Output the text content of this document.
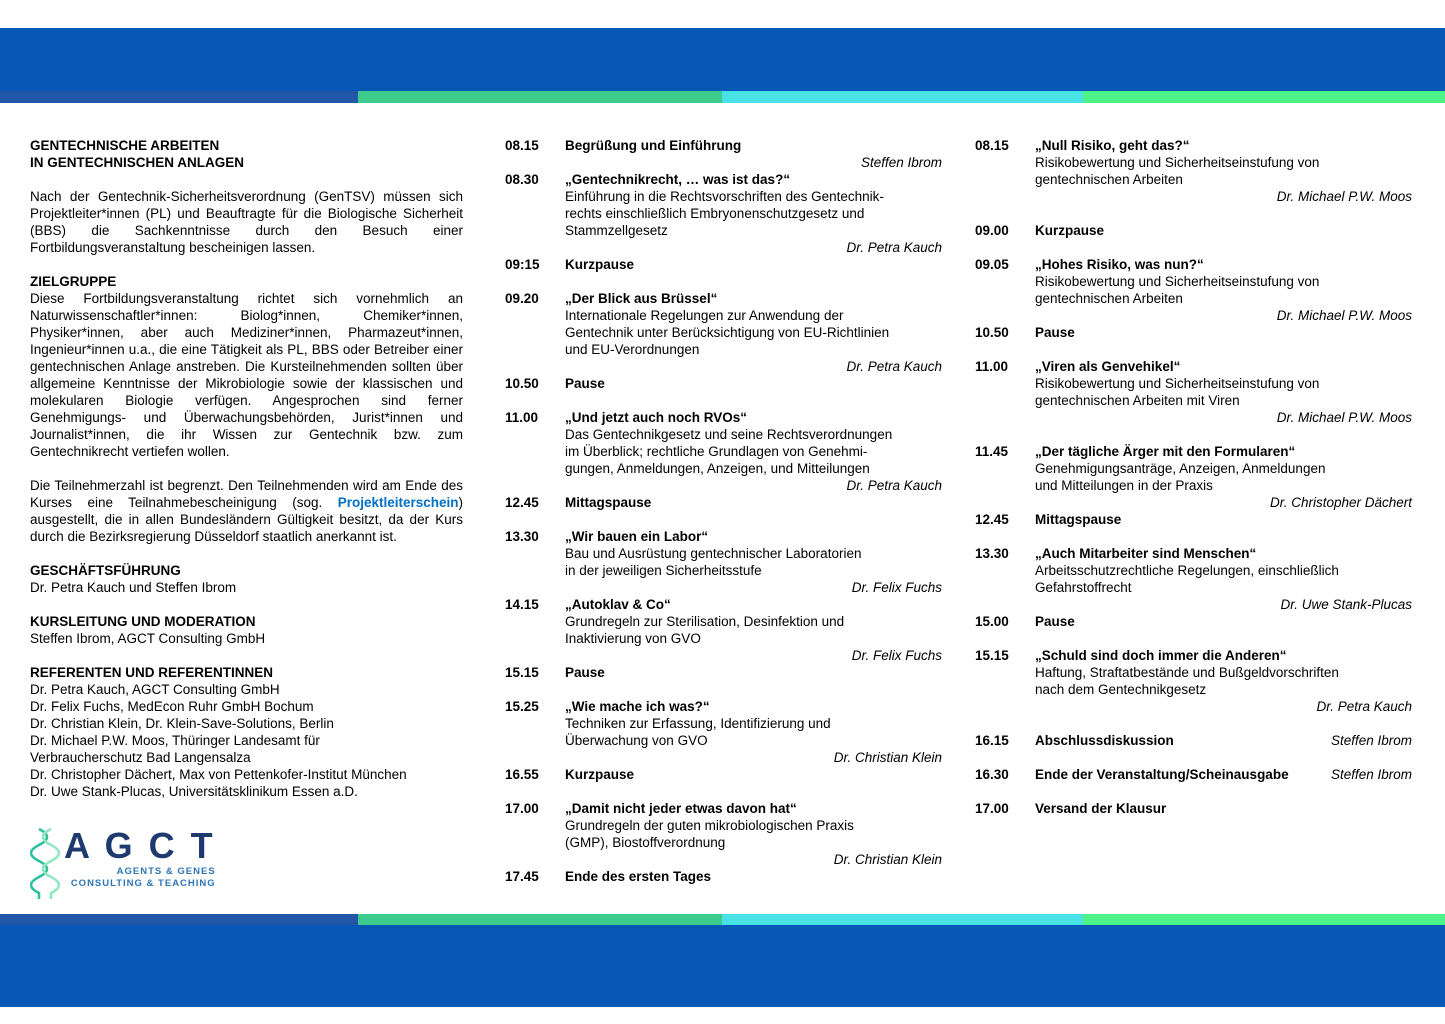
GENTECHNISCHE ARBEITEN
IN GENTECHNISCHEN ANLAGEN
Nach der Gentechnik-Sicherheitsverordnung (GenTSV) müssen sich Projektleiter*innen (PL) und Beauftragte für die Biologische Sicherheit (BBS) die Sachkenntnisse durch den Besuch einer Fortbildungsveranstaltung bescheinigen lassen.
ZIELGRUPPE
Diese Fortbildungsveranstaltung richtet sich vornehmlich an Naturwissenschaftler*innen: Biolog*innen, Chemiker*innen, Physiker*innen, aber auch Mediziner*innen, Pharmazeut*innen, Ingenieur*innen u.a., die eine Tätigkeit als PL, BBS oder Betreiber einer gentechnischen Anlage anstreben. Die Kursteilnehmenden sollten über allgemeine Kenntnisse der Mikrobiologie sowie der klassischen und molekularen Biologie verfügen. Angesprochen sind ferner Genehmigungs- und Überwachungsbehörden, Jurist*innen und Journalist*innen, die ihr Wissen zur Gentechnik bzw. zum Gentechnikrecht vertiefen wollen.
Die Teilnehmerzahl ist begrenzt. Den Teilnehmenden wird am Ende des Kurses eine Teilnahmebescheinigung (sog. Projektleiterschein) ausgestellt, die in allen Bundesländern Gültigkeit besitzt, da der Kurs durch die Bezirksregierung Düsseldorf staatlich anerkannt ist.
GESCHÄFTSFÜHRUNG
Dr. Petra Kauch und Steffen Ibrom
KURSLEITUNG UND MODERATION
Steffen Ibrom, AGCT Consulting GmbH
REFERENTEN UND REFERENTINNEN
Dr. Petra Kauch, AGCT Consulting GmbH
Dr. Felix Fuchs, MedEcon Ruhr GmbH Bochum
Dr. Christian Klein, Dr. Klein-Save-Solutions, Berlin
Dr. Michael P.W. Moos, Thüringer Landesamt für
Verbraucherschutz Bad Langensalza
Dr. Christopher Dächert, Max von Pettenkofer-Institut München
Dr. Uwe Stank-Plucas, Universitätsklinikum Essen a.D.
A G C T
AGENTS & GENES
CONSULTING & TEACHING
08.15	Begrüßung und Einführung
Steffen Ibrom
08.30	„Gentechnikrecht, … was ist das?“
Einführung in die Rechtsvorschriften des Gentechnik-
rechts einschließlich Embryonenschutzgesetz und
Stammzellgesetz
Dr. Petra Kauch
09:15	Kurzpause
09.20	„Der Blick aus Brüssel“
Internationale Regelungen zur Anwendung der
Gentechnik unter Berücksichtigung von EU-Richtlinien
und EU-Verordnungen
Dr. Petra Kauch
10.50	Pause
11.00	„Und jetzt auch noch RVOs“
Das Gentechnikgesetz und seine Rechtsverordnungen
im Überblick; rechtliche Grundlagen von Genehmi-
gungen, Anmeldungen, Anzeigen, und Mitteilungen
Dr. Petra Kauch
12.45	Mittagspause
13.30	„Wir bauen ein Labor“
Bau und Ausrüstung gentechnischer Laboratorien
in der jeweiligen Sicherheitsstufe
Dr. Felix Fuchs
14.15	„Autoklav & Co“
Grundregeln zur Sterilisation, Desinfektion und
Inaktivierung von GVO
Dr. Felix Fuchs
15.15	Pause
15.25	„Wie mache ich was?“
Techniken zur Erfassung, Identifizierung und
Überwachung von GVO
Dr. Christian Klein
16.55	Kurzpause
17.00	„Damit nicht jeder etwas davon hat“
Grundregeln der guten mikrobiologischen Praxis
(GMP), Biostoffverordnung
Dr. Christian Klein
17.45	Ende des ersten Tages
08.15	„Null Risiko, geht das?“
Risikobewertung und Sicherheitseinstufung von
gentechnischen Arbeiten
Dr. Michael P.W. Moos
09.00	Kurzpause
09.05	„Hohes Risiko, was nun?“
Risikobewertung und Sicherheitseinstufung von
gentechnischen Arbeiten
Dr. Michael P.W. Moos
10.50	Pause
11.00	„Viren als Genvehikel“
Risikobewertung und Sicherheitseinstufung von
gentechnischen Arbeiten mit Viren
Dr. Michael P.W. Moos
11.45	„Der tägliche Ärger mit den Formularen“
Genehmigungsanträge, Anzeigen, Anmeldungen
und Mitteilungen in der Praxis
Dr. Christopher Dächert
12.45	Mittagspause
13.30	„Auch Mitarbeiter sind Menschen“
Arbeitsschutzrechtliche Regelungen, einschließlich
Gefahrstoffrecht
Dr. Uwe Stank-Plucas
15.00	Pause
15.15	„Schuld sind doch immer die Anderen“
Haftung, Straftatbestände und Bußgeldvorschriften
nach dem Gentechnikgesetz
Dr. Petra Kauch
16.15	Abschlussdiskussion	Steffen Ibrom
16.30	Ende der Veranstaltung/Scheinausgabe	Steffen Ibrom
17.00	Versand der Klausur
